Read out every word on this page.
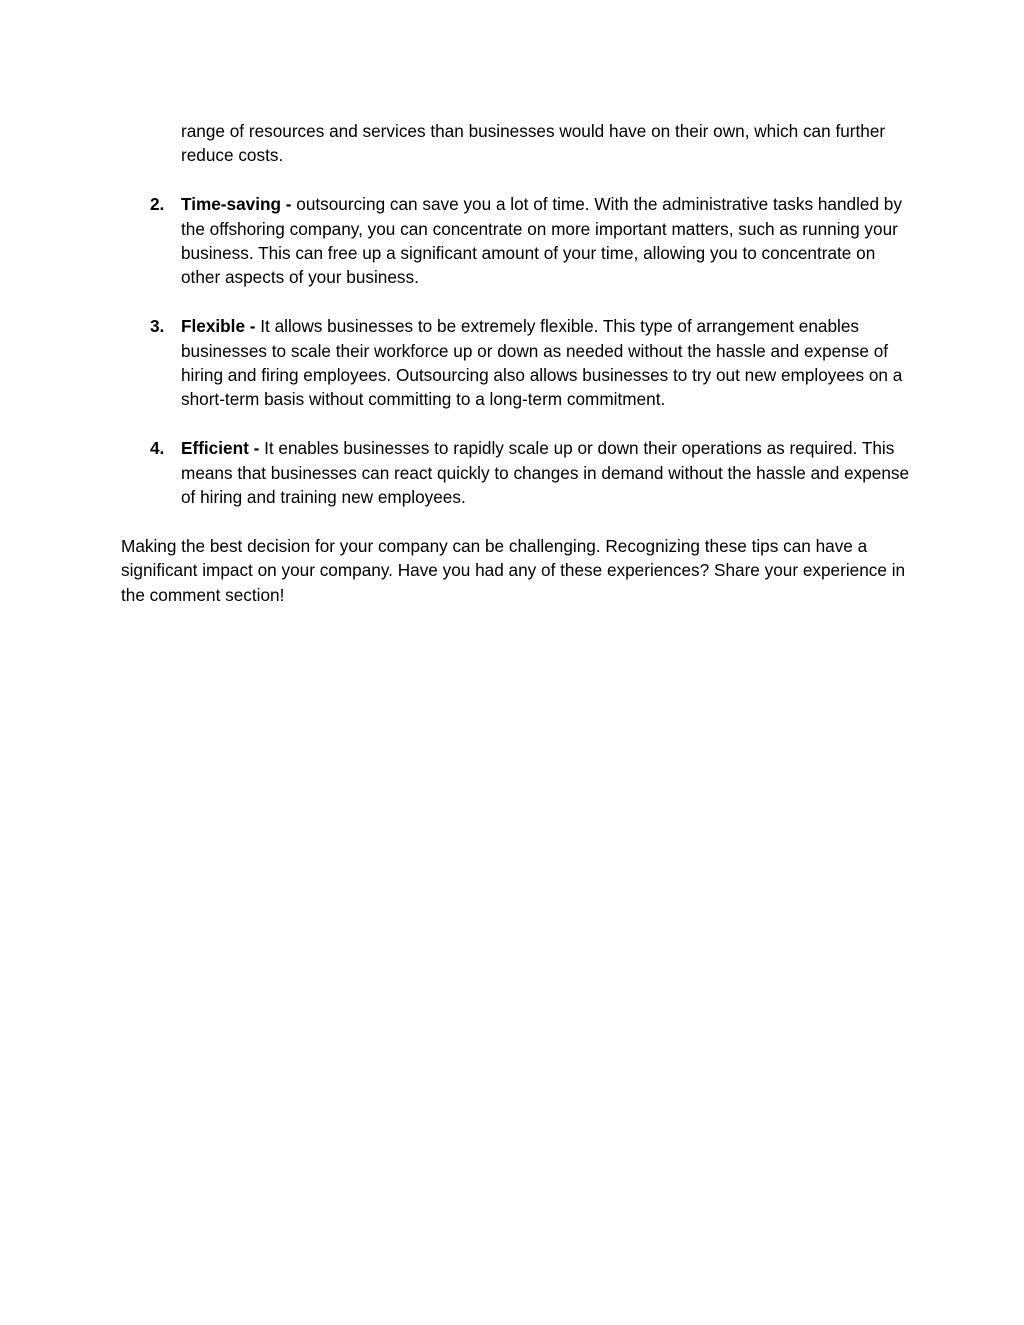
range of resources and services than businesses would have on their own, which can further reduce costs.

2. Time-saving - outsourcing can save you a lot of time. With the administrative tasks handled by the offshoring company, you can concentrate on more important matters, such as running your business. This can free up a significant amount of your time, allowing you to concentrate on other aspects of your business.
3. Flexible - It allows businesses to be extremely flexible. This type of arrangement enables businesses to scale their workforce up or down as needed without the hassle and expense of hiring and firing employees. Outsourcing also allows businesses to try out new employees on a short-term basis without committing to a long-term commitment.
4. Efficient - It enables businesses to rapidly scale up or down their operations as required. This means that businesses can react quickly to changes in demand without the hassle and expense of hiring and training new employees.

Making the best decision for your company can be challenging. Recognizing these tips can have a significant impact on your company. Have you had any of these experiences? Share your experience in the comment section!
